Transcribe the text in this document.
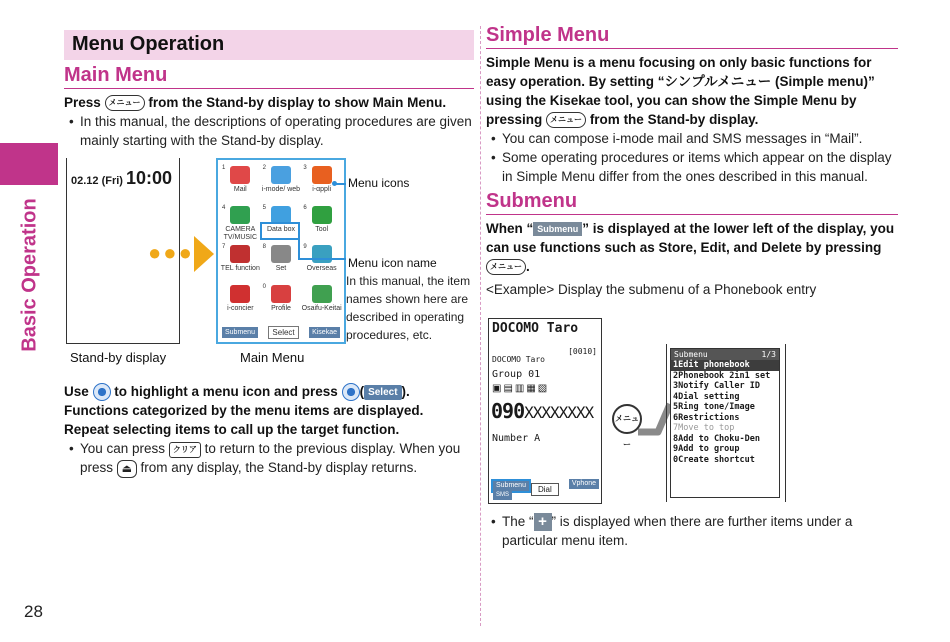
Basic Operation
28
Menu Operation
Main Menu
Press メニュー from the Stand-by display to show Main Menu.
• In this manual, the descriptions of operating procedures are given mainly starting with the Stand-by display.
02.12 (Fri) 10:00
●●●
1
Mail
2
i-mode/ web
3
i-αppli
4
CAMERA TV/MUSIC
5
Data box
6
Tool
7
TEL function
8
Set
9
Overseas
i-concier
0
Profile	Osaifu-Keitai
Submenu	Select	Kisekae
Menu icons
Menu icon name
In this manual, the item names shown here are described in operating procedures, etc.
Stand-by display	Main Menu
Use to highlight a menu icon and press ( Select ).
Functions categorized by the menu items are displayed.
Repeat selecting items to call up the target function.
• You can press クリア to return to the previous display. When you press ⏏ from any display, the Stand-by display returns.
Simple Menu
Simple Menu is a menu focusing on only basic functions for easy operation. By setting “シンプルメニュー (Simple menu)” using the Kisekae tool, you can show the Simple Menu by pressing メニュー from the Stand-by display.
• You can compose i-mode mail and SMS messages in “Mail”.
• Some operating procedures or items which appear on the display in Simple Menu differ from the ones described in this manual.
Submenu
When “ Submenu ” is displayed at the lower left of the display, you can use functions such as Store, Edit, and Delete by pressing メニュー .
<Example> Display the submenu of a Phonebook entry
DOCOMO Taro
DOCOMO Taro
[0010]
Group 01
▣▤▥▦▧
090XXXXXXXX
Number A
Submenu
SMS
Dial
Vphone
メニュー
Submenu	1/3
1Edit phonebook
2Phonebook 2in1 set
3Notify Caller ID
4Dial setting
5Ring tone/Image
6Restrictions
7Move to top
8Add to Choku-Den
9Add to group
0Create shortcut
• The “ + ” is displayed when there are further items under a particular menu item.
